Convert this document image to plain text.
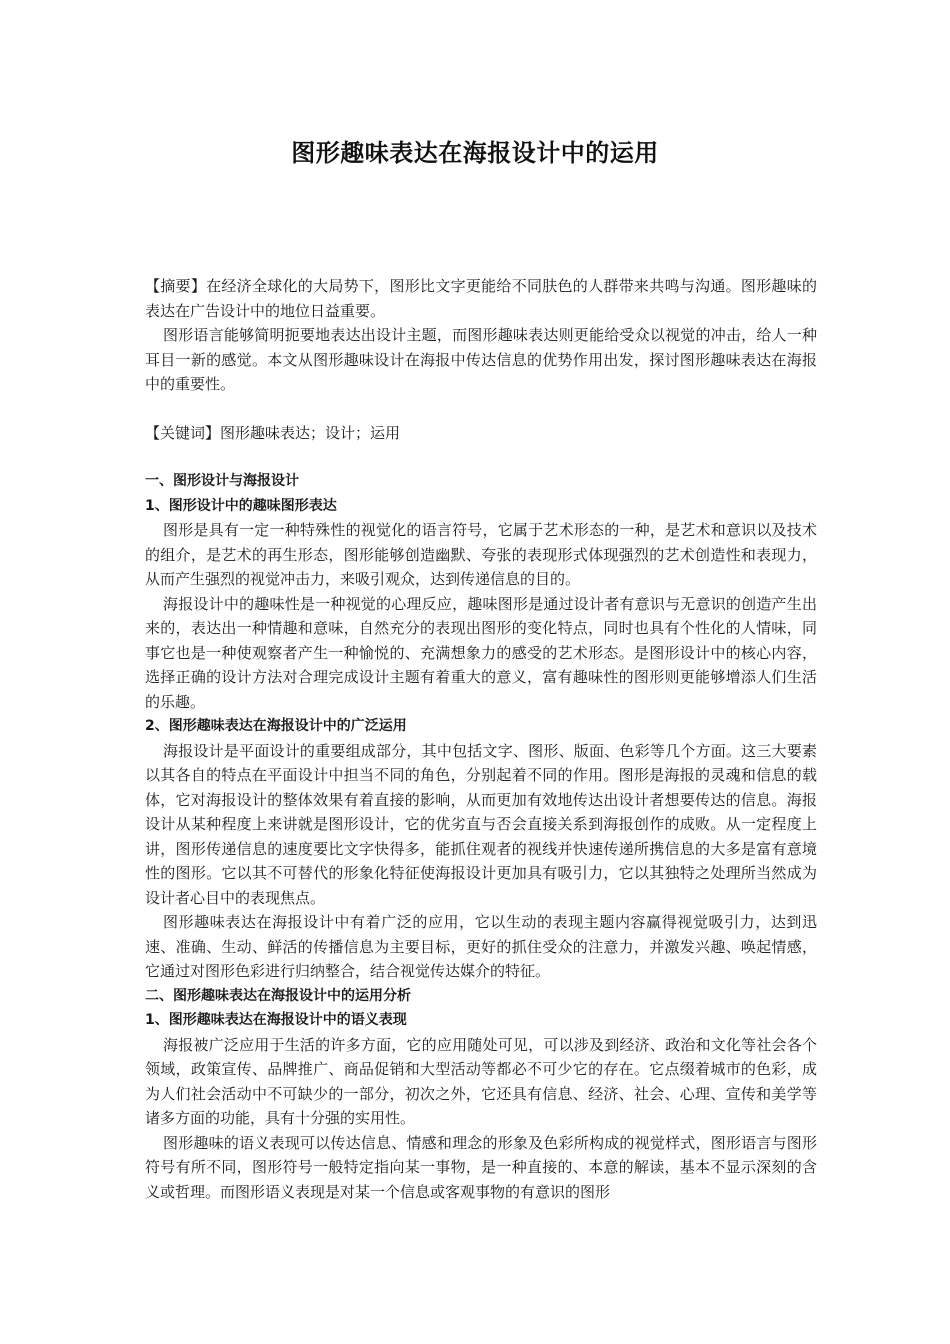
图形趣味表达在海报设计中的运用

【摘要】在经济全球化的大局势下，图形比文字更能给不同肤色的人群带来共鸣与沟通。图形趣味的表达在广告设计中的地位日益重要。

图形语言能够简明扼要地表达出设计主题，而图形趣味表达则更能给受众以视觉的冲击，给人一种耳目一新的感觉。本文从图形趣味设计在海报中传达信息的优势作用出发，探讨图形趣味表达在海报中的重要性。

【关键词】图形趣味表达；设计；运用

一、图形设计与海报设计

1、图形设计中的趣味图形表达

图形是具有一定一种特殊性的视觉化的语言符号，它属于艺术形态的一种，是艺术和意识以及技术的组介，是艺术的再生形态，图形能够创造幽默、夸张的表现形式体现强烈的艺术创造性和表现力，从而产生强烈的视觉冲击力，来吸引观众，达到传递信息的目的。

海报设计中的趣味性是一种视觉的心理反应，趣味图形是通过设计者有意识与无意识的创造产生出来的，表达出一种情趣和意味，自然充分的表现出图形的变化特点，同时也具有个性化的人情味，同事它也是一种使观察者产生一种愉悦的、充满想象力的感受的艺术形态。是图形设计中的核心内容，选择正确的设计方法对合理完成设计主题有着重大的意义，富有趣味性的图形则更能够增添人们生活的乐趣。

2、图形趣味表达在海报设计中的广泛运用

海报设计是平面设计的重要组成部分，其中包括文字、图形、版面、色彩等几个方面。这三大要素以其各自的特点在平面设计中担当不同的角色，分别起着不同的作用。图形是海报的灵魂和信息的载体，它对海报设计的整体效果有着直接的影响，从而更加有效地传达出设计者想要传达的信息。海报设计从某种程度上来讲就是图形设计，它的优劣直与否会直接关系到海报创作的成败。从一定程度上讲，图形传递信息的速度要比文字快得多，能抓住观者的视线并快速传递所携信息的大多是富有意境性的图形。它以其不可替代的形象化特征使海报设计更加具有吸引力，它以其独特之处理所当然成为设计者心目中的表现焦点。

图形趣味表达在海报设计中有着广泛的应用，它以生动的表现主题内容赢得视觉吸引力，达到迅速、准确、生动、鲜活的传播信息为主要目标，更好的抓住受众的注意力，并激发兴趣、唤起情感，它通过对图形色彩进行归纳整合，结合视觉传达媒介的特征。

二、图形趣味表达在海报设计中的运用分析

1、图形趣味表达在海报设计中的语义表现

海报被广泛应用于生活的许多方面，它的应用随处可见，可以涉及到经济、政治和文化等社会各个领域，政策宣传、品牌推广、商品促销和大型活动等都必不可少它的存在。它点缀着城市的色彩，成为人们社会活动中不可缺少的一部分，初次之外，它还具有信息、经济、社会、心理、宣传和美学等诸多方面的功能，具有十分强的实用性。

图形趣味的语义表现可以传达信息、情感和理念的形象及色彩所构成的视觉样式，图形语言与图形符号有所不同，图形符号一般特定指向某一事物，是一种直接的、本意的解读，基本不显示深刻的含义或哲理。而图形语义表现是对某一个信息或客观事物的有意识的图形
